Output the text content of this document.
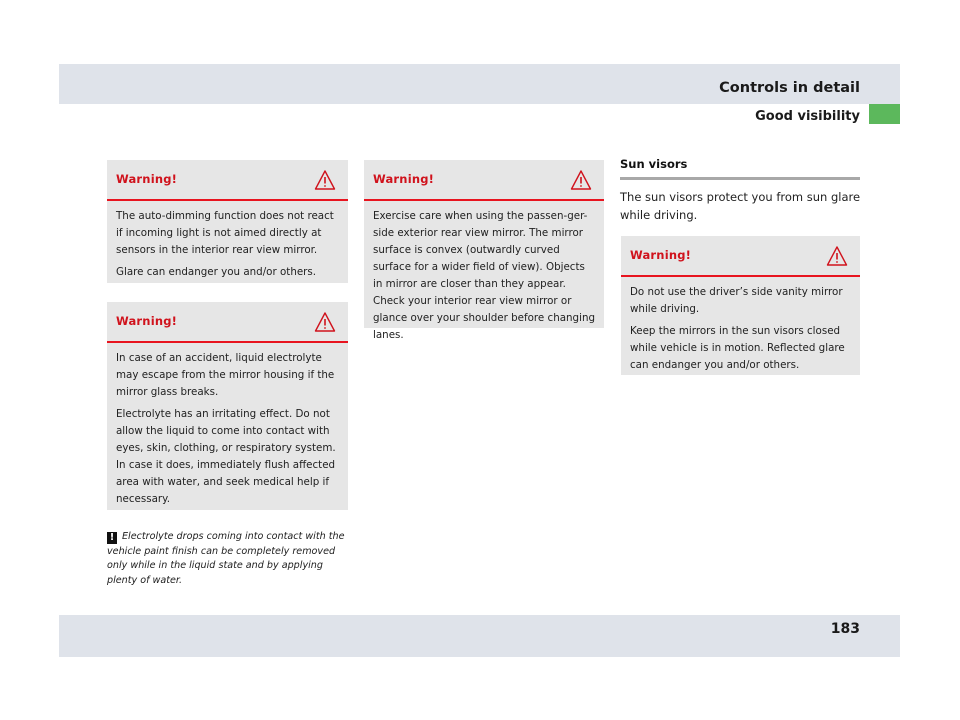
Controls in detail
Good visibility
Warning!

The auto-dimming function does not react if incoming light is not aimed directly at sensors in the interior rear view mirror.

Glare can endanger you and/or others.

Warning!

In case of an accident, liquid electrolyte may escape from the mirror housing if the mirror glass breaks.

Electrolyte has an irritating effect. Do not allow the liquid to come into contact with eyes, skin, clothing, or respiratory system. In case it does, immediately flush affected area with water, and seek medical help if necessary.

! Electrolyte drops coming into contact with the vehicle paint finish can be completely removed only while in the liquid state and by applying plenty of water.
Warning!

Exercise care when using the passen-ger-side exterior rear view mirror. The mirror surface is convex (outwardly curved surface for a wider field of view). Objects in mirror are closer than they appear. Check your interior rear view mirror or glance over your shoulder before changing lanes.

Sun visors
The sun visors protect you from sun glare while driving.
Warning!

Do not use the driver’s side vanity mirror while driving.

Keep the mirrors in the sun visors closed while vehicle is in motion. Reflected glare can endanger you and/or others.

183
